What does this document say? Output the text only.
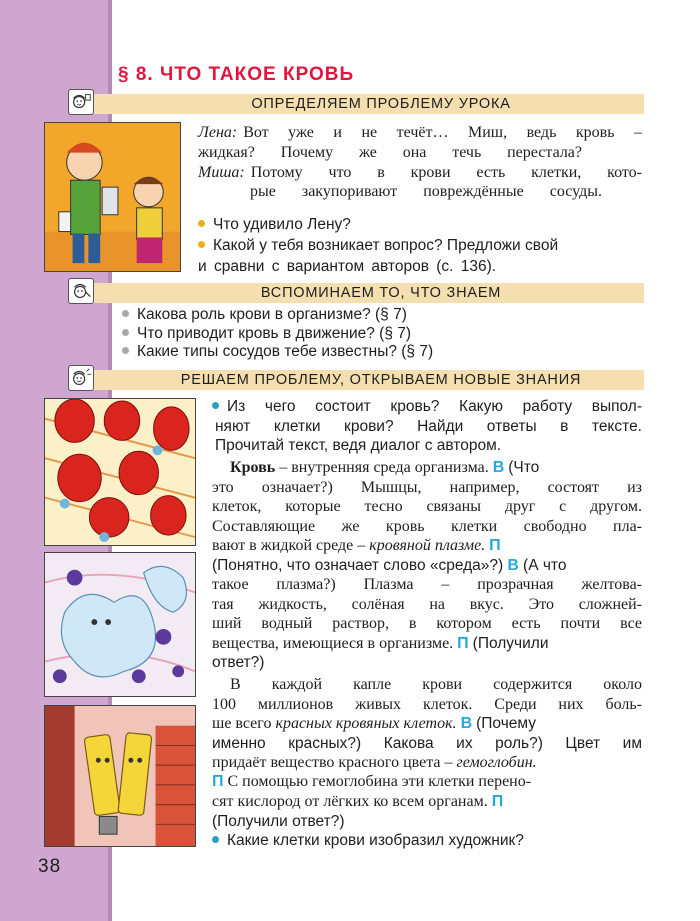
38
§ 8. ЧТО ТАКОЕ КРОВЬ
ОПРЕДЕЛЯЕМ ПРОБЛЕМУ УРОКА
Лена: Вот уже и не течёт… Миш, ведь кровь –
жидкая? Почему же она течь перестала?
Миша: Потому что в крови есть клетки, кото-
рые закупоривают повреждённые сосуды.
Что удивило Лену?
Какой у тебя возникает вопрос? Предложи свой
и сравни с вариантом авторов (с. 136).
ВСПОМИНАЕМ ТО, ЧТО ЗНАЕМ
Какова роль крови в организме? (§ 7)
Что приводит кровь в движение? (§ 7)
Какие типы сосудов тебе известны? (§ 7)
РЕШАЕМ ПРОБЛЕМУ, ОТКРЫВАЕМ НОВЫЕ ЗНАНИЯ
Из чего состоит кровь? Какую работу выпол-
няют клетки крови? Найди ответы в тексте.
Прочитай текст, ведя диалог с автором.
Кровь – внутренняя среда организма. В (Что
это означает?) Мышцы, например, состоят из
клеток, которые тесно связаны друг с другом.
Составляющие же кровь клетки свободно пла-
вают в жидкой среде – кровяной плазме. П
(Понятно, что означает слово «среда»?) В (А что
такое плазма?) Плазма – прозрачная желтова-
тая жидкость, солёная на вкус. Это сложней-
ший водный раствор, в котором есть почти все
вещества, имеющиеся в организме. П (Получили
ответ?)
В каждой капле крови содержится около
100 миллионов живых клеток. Среди них боль-
ше всего красных кровяных клеток. В (Почему
именно красных?) Какова их роль?) Цвет им
придаёт вещество красного цвета – гемоглобин.
П С помощью гемоглобина эти клетки перено-
сят кислород от лёгких ко всем органам. П
(Получили ответ?)
Какие клетки крови изобразил художник?
